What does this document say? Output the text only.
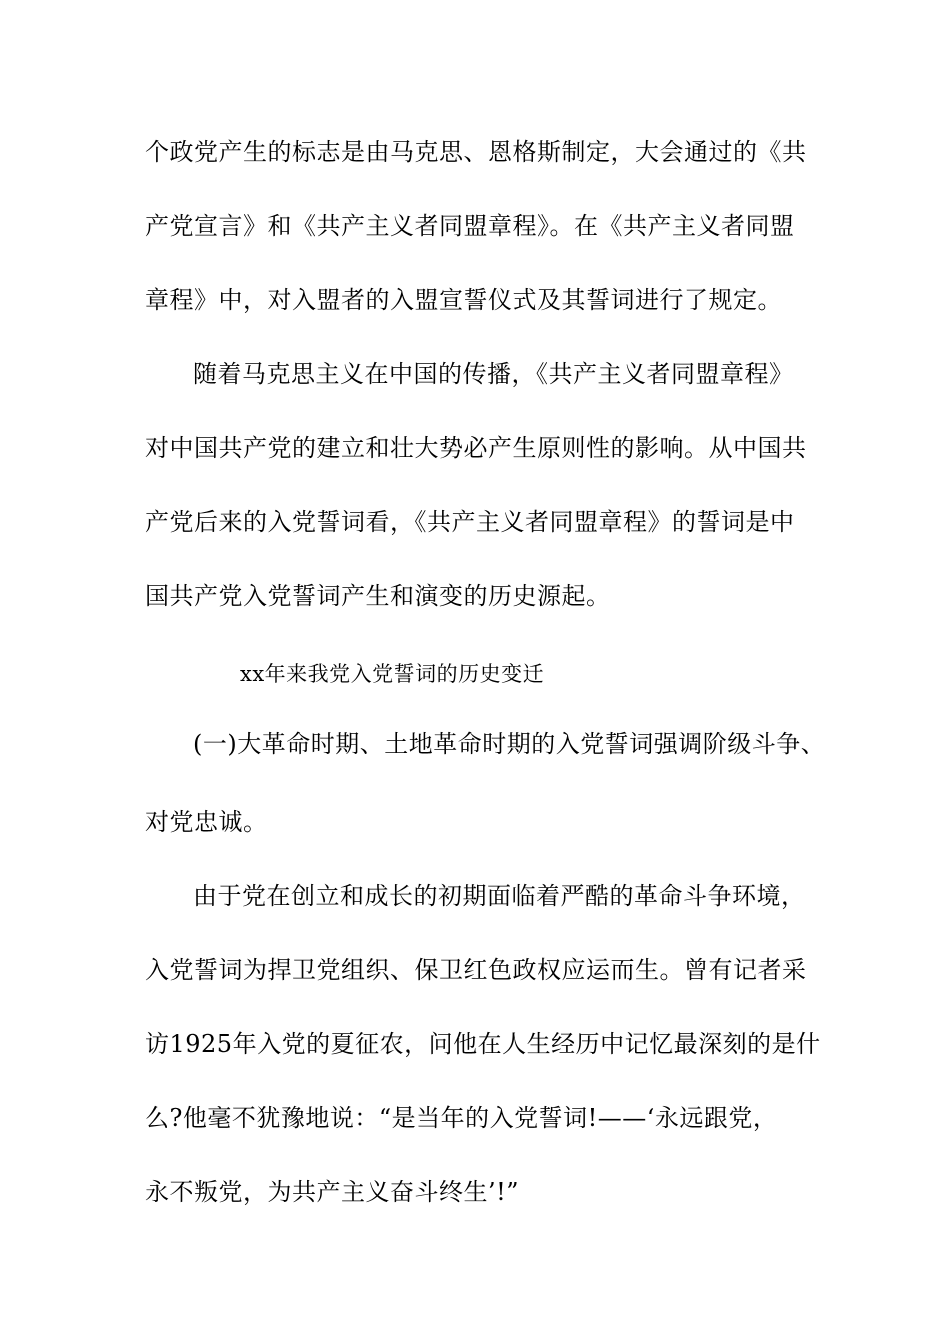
个政党产生的标志是由马克思、恩格斯制定，大会通过的《共
产党宣言》和《共产主义者同盟章程》。在《共产主义者同盟
章程》中，对入盟者的入盟宣誓仪式及其誓词进行了规定。
随着马克思主义在中国的传播，《共产主义者同盟章程》
对中国共产党的建立和壮大势必产生原则性的影响。从中国共
产党后来的入党誓词看，《共产主义者同盟章程》的誓词是中
国共产党入党誓词产生和演变的历史源起。
xx年来我党入党誓词的历史变迁
(一)大革命时期、土地革命时期的入党誓词强调阶级斗争、
对党忠诚。
由于党在创立和成长的初期面临着严酷的革命斗争环境，
入党誓词为捍卫党组织、保卫红色政权应运而生。曾有记者采
访1925年入党的夏征农，问他在人生经历中记忆最深刻的是什
么?他毫不犹豫地说：“是当年的入党誓词!——‘永远跟党，
永不叛党，为共产主义奋斗终生’!”
